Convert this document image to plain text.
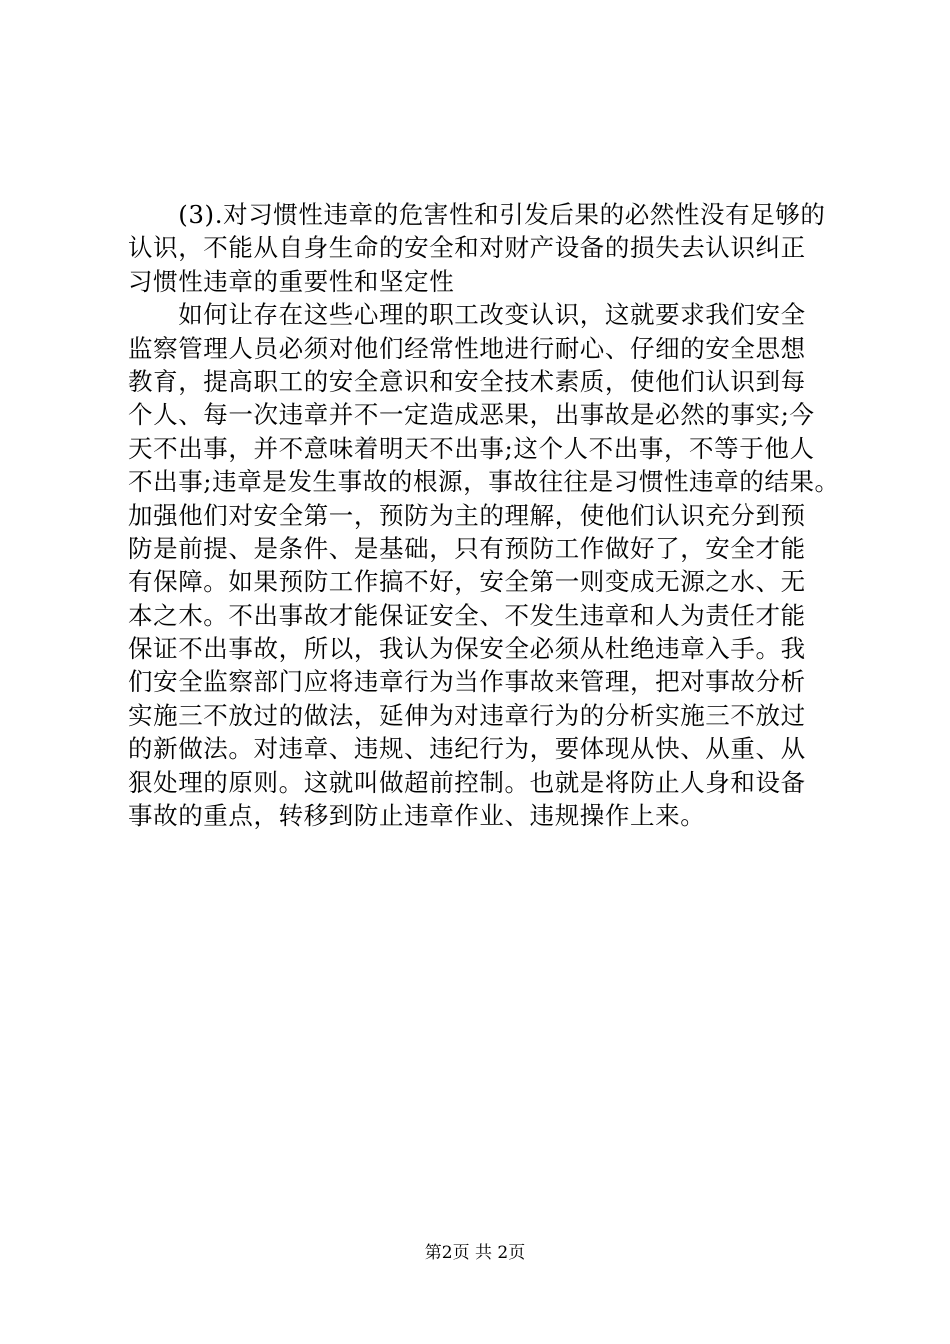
　　(3).对习惯性违章的危害性和引发后果的必然性没有足够的
认识，不能从自身生命的安全和对财产设备的损失去认识纠正
习惯性违章的重要性和坚定性
　　如何让存在这些心理的职工改变认识，这就要求我们安全
监察管理人员必须对他们经常性地进行耐心、仔细的安全思想
教育，提高职工的安全意识和安全技术素质，使他们认识到每
个人、每一次违章并不一定造成恶果，出事故是必然的事实;今
天不出事，并不意味着明天不出事;这个人不出事，不等于他人
不出事;违章是发生事故的根源，事故往往是习惯性违章的结果。
加强他们对安全第一，预防为主的理解，使他们认识充分到预
防是前提、是条件、是基础，只有预防工作做好了，安全才能
有保障。如果预防工作搞不好，安全第一则变成无源之水、无
本之木。不出事故才能保证安全、不发生违章和人为责任才能
保证不出事故，所以，我认为保安全必须从杜绝违章入手。我
们安全监察部门应将违章行为当作事故来管理，把对事故分析
实施三不放过的做法，延伸为对违章行为的分析实施三不放过
的新做法。对违章、违规、违纪行为，要体现从快、从重、从
狠处理的原则。这就叫做超前控制。也就是将防止人身和设备
事故的重点，转移到防止违章作业、违规操作上来。
第2页 共 2页
